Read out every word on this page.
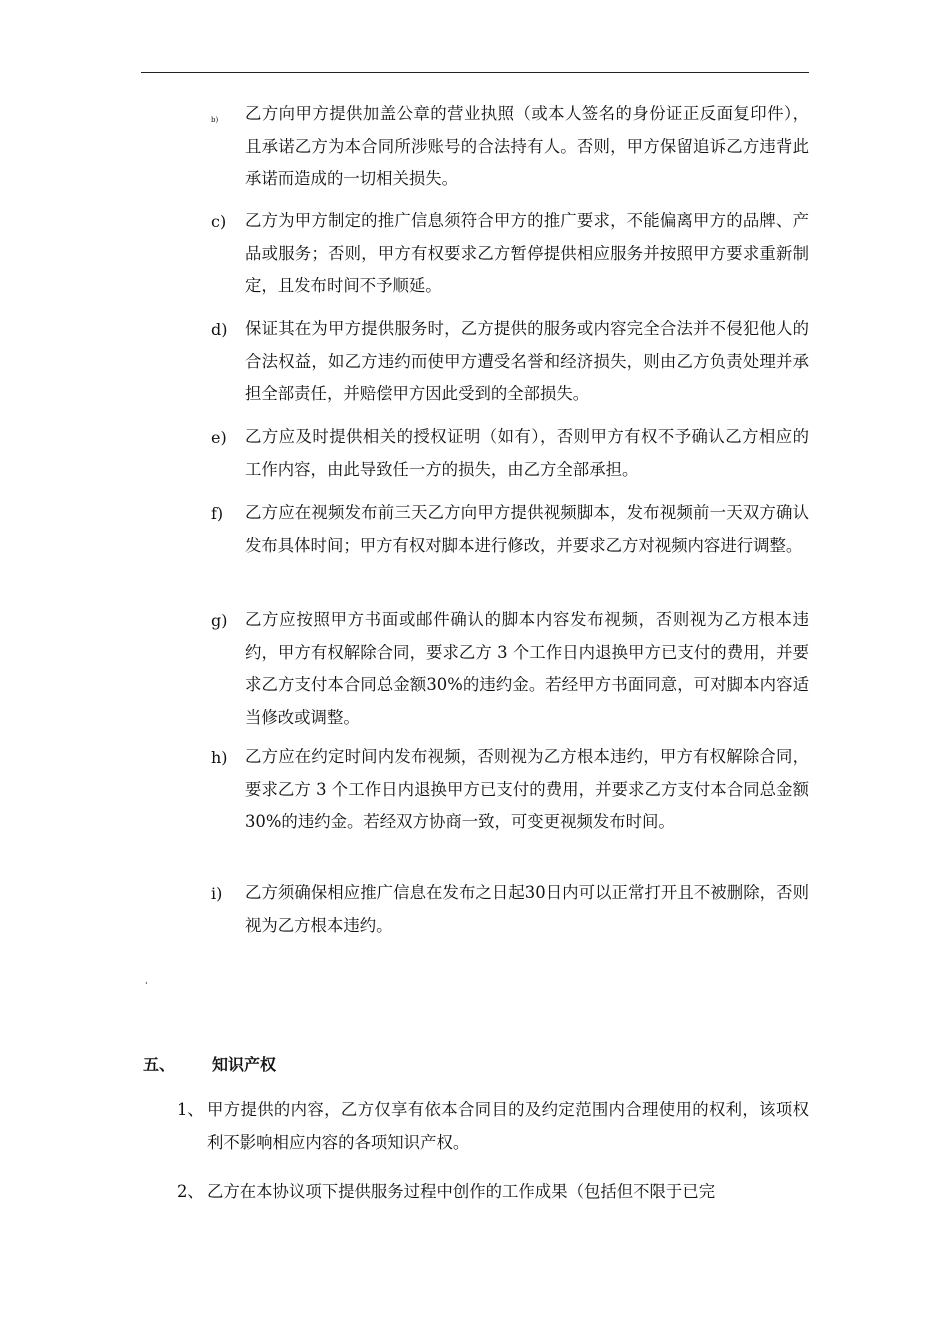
b) 乙方向甲方提供加盖公章的营业执照（或本人签名的身份证正反面复印件），且承诺乙方为本合同所涉账号的合法持有人。否则，甲方保留追诉乙方违背此承诺而造成的一切相关损失。
c) 乙方为甲方制定的推广信息须符合甲方的推广要求，不能偏离甲方的品牌、产品或服务；否则，甲方有权要求乙方暂停提供相应服务并按照甲方要求重新制定，且发布时间不予顺延。
d) 保证其在为甲方提供服务时，乙方提供的服务或内容完全合法并不侵犯他人的合法权益，如乙方违约而使甲方遭受名誉和经济损失，则由乙方负责处理并承担全部责任，并赔偿甲方因此受到的全部损失。
e) 乙方应及时提供相关的授权证明（如有），否则甲方有权不予确认乙方相应的工作内容，由此导致任一方的损失，由乙方全部承担。
f) 乙方应在视频发布前三天乙方向甲方提供视频脚本，发布视频前一天双方确认发布具体时间；甲方有权对脚本进行修改，并要求乙方对视频内容进行调整。
g) 乙方应按照甲方书面或邮件确认的脚本内容发布视频，否则视为乙方根本违约，甲方有权解除合同，要求乙方 3 个工作日内退换甲方已支付的费用，并要求乙方支付本合同总金额30%的违约金。若经甲方书面同意，可对脚本内容适当修改或调整。
h) 乙方应在约定时间内发布视频，否则视为乙方根本违约，甲方有权解除合同，要求乙方 3 个工作日内退换甲方已支付的费用，并要求乙方支付本合同总金额30%的违约金。若经双方协商一致，可变更视频发布时间。
i) 乙方须确保相应推广信息在发布之日起30日内可以正常打开且不被删除，否则视为乙方根本违约。
ˈ
五、 知识产权
1、 甲方提供的内容，乙方仅享有依本合同目的及约定范围内合理使用的权利，该项权利不影响相应内容的各项知识产权。
2、 乙方在本协议项下提供服务过程中创作的工作成果（包括但不限于已完
